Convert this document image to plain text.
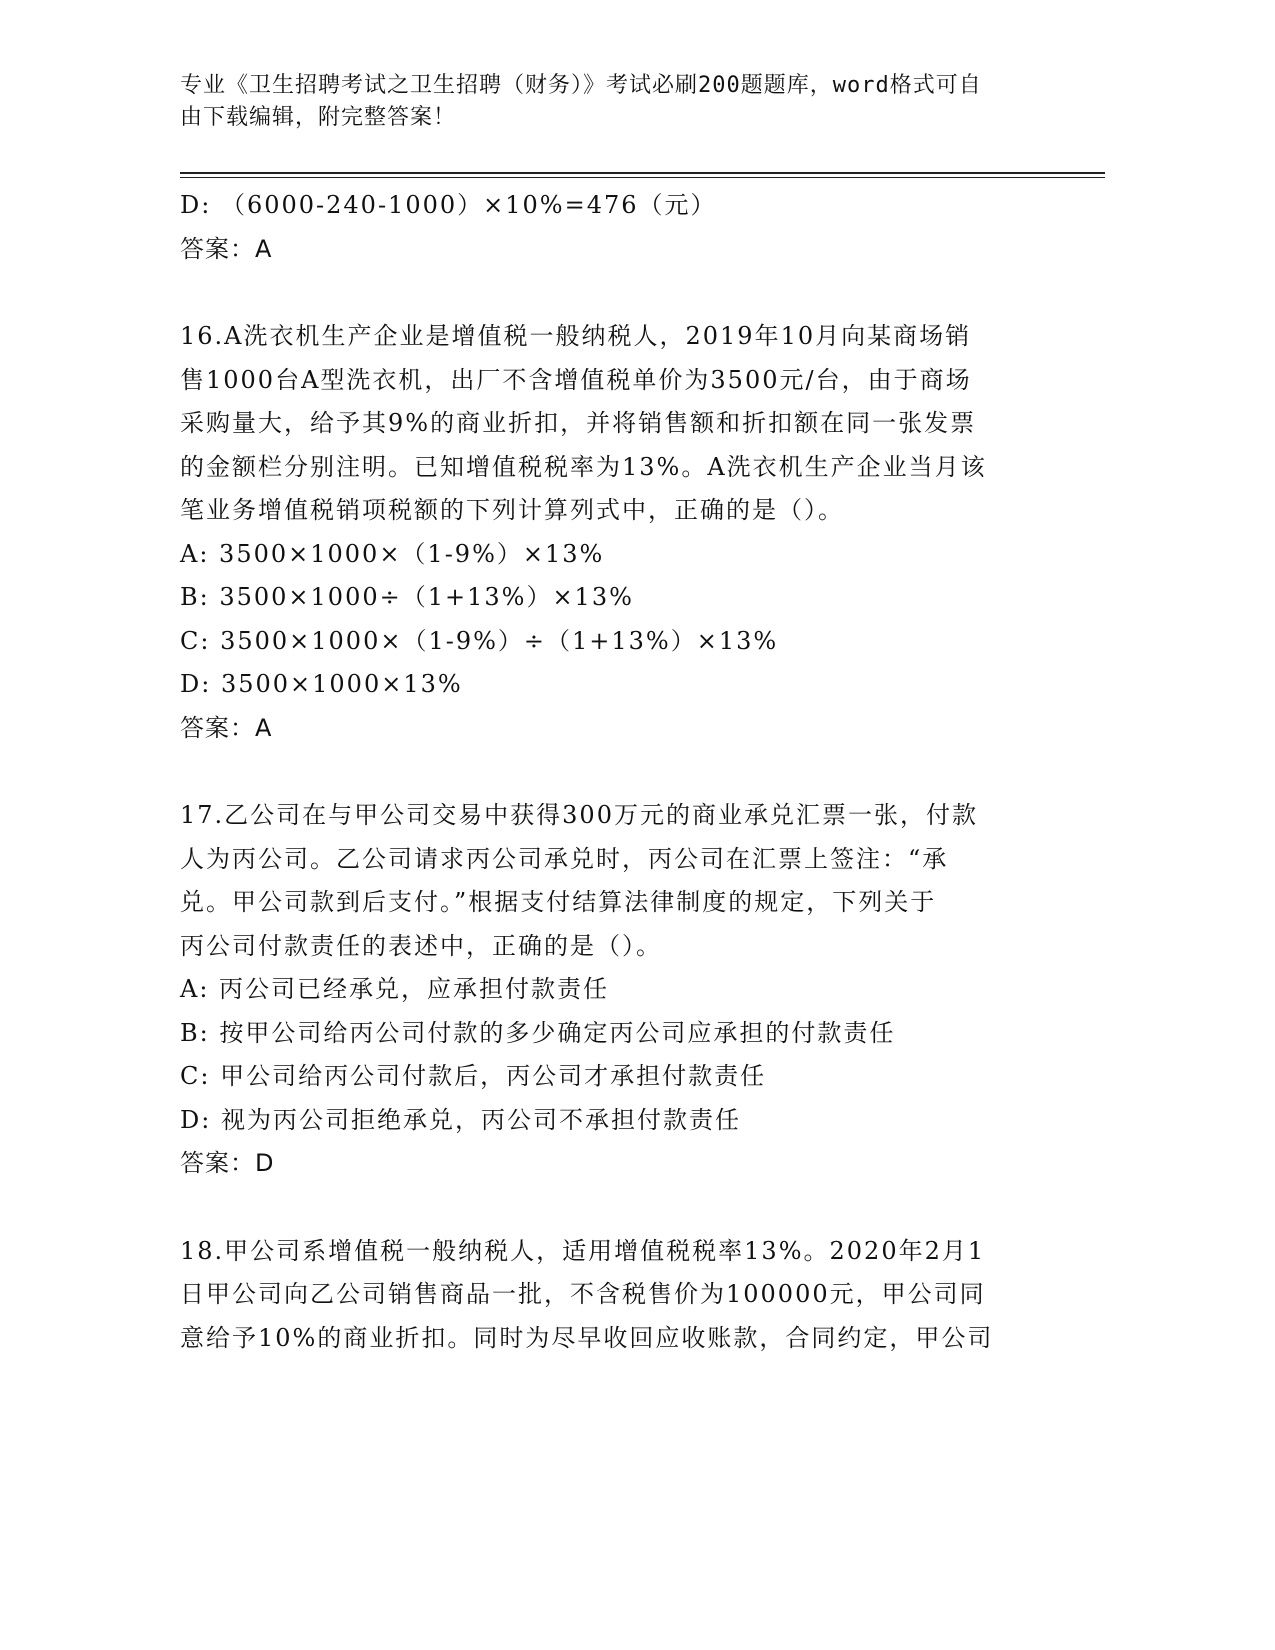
专业《卫生招聘考试之卫生招聘（财务）》考试必刷200题题库，word格式可自
由下载编辑，附完整答案！
D: （6000-240-1000）×10%=476（元）
答案：A
16.A洗衣机生产企业是增值税一般纳税人，2019年10月向某商场销
售1000台A型洗衣机，出厂不含增值税单价为3500元/台，由于商场
采购量大，给予其9%的商业折扣，并将销售额和折扣额在同一张发票
的金额栏分别注明。已知增值税税率为13%。A洗衣机生产企业当月该
笔业务增值税销项税额的下列计算列式中，正确的是（）。
A: 3500×1000×（1-9%）×13%
B: 3500×1000÷（1+13%）×13%
C: 3500×1000×（1-9%）÷（1+13%）×13%
D: 3500×1000×13%
答案：A
17.乙公司在与甲公司交易中获得300万元的商业承兑汇票一张，付款
人为丙公司。乙公司请求丙公司承兑时，丙公司在汇票上签注：“承
兑。甲公司款到后支付。”根据支付结算法律制度的规定，下列关于
丙公司付款责任的表述中，正确的是（）。
A: 丙公司已经承兑，应承担付款责任
B: 按甲公司给丙公司付款的多少确定丙公司应承担的付款责任
C: 甲公司给丙公司付款后，丙公司才承担付款责任
D: 视为丙公司拒绝承兑，丙公司不承担付款责任
答案：D
18.甲公司系增值税一般纳税人，适用增值税税率13%。2020年2月1
日甲公司向乙公司销售商品一批，不含税售价为100000元，甲公司同
意给予10%的商业折扣。同时为尽早收回应收账款，合同约定，甲公司
